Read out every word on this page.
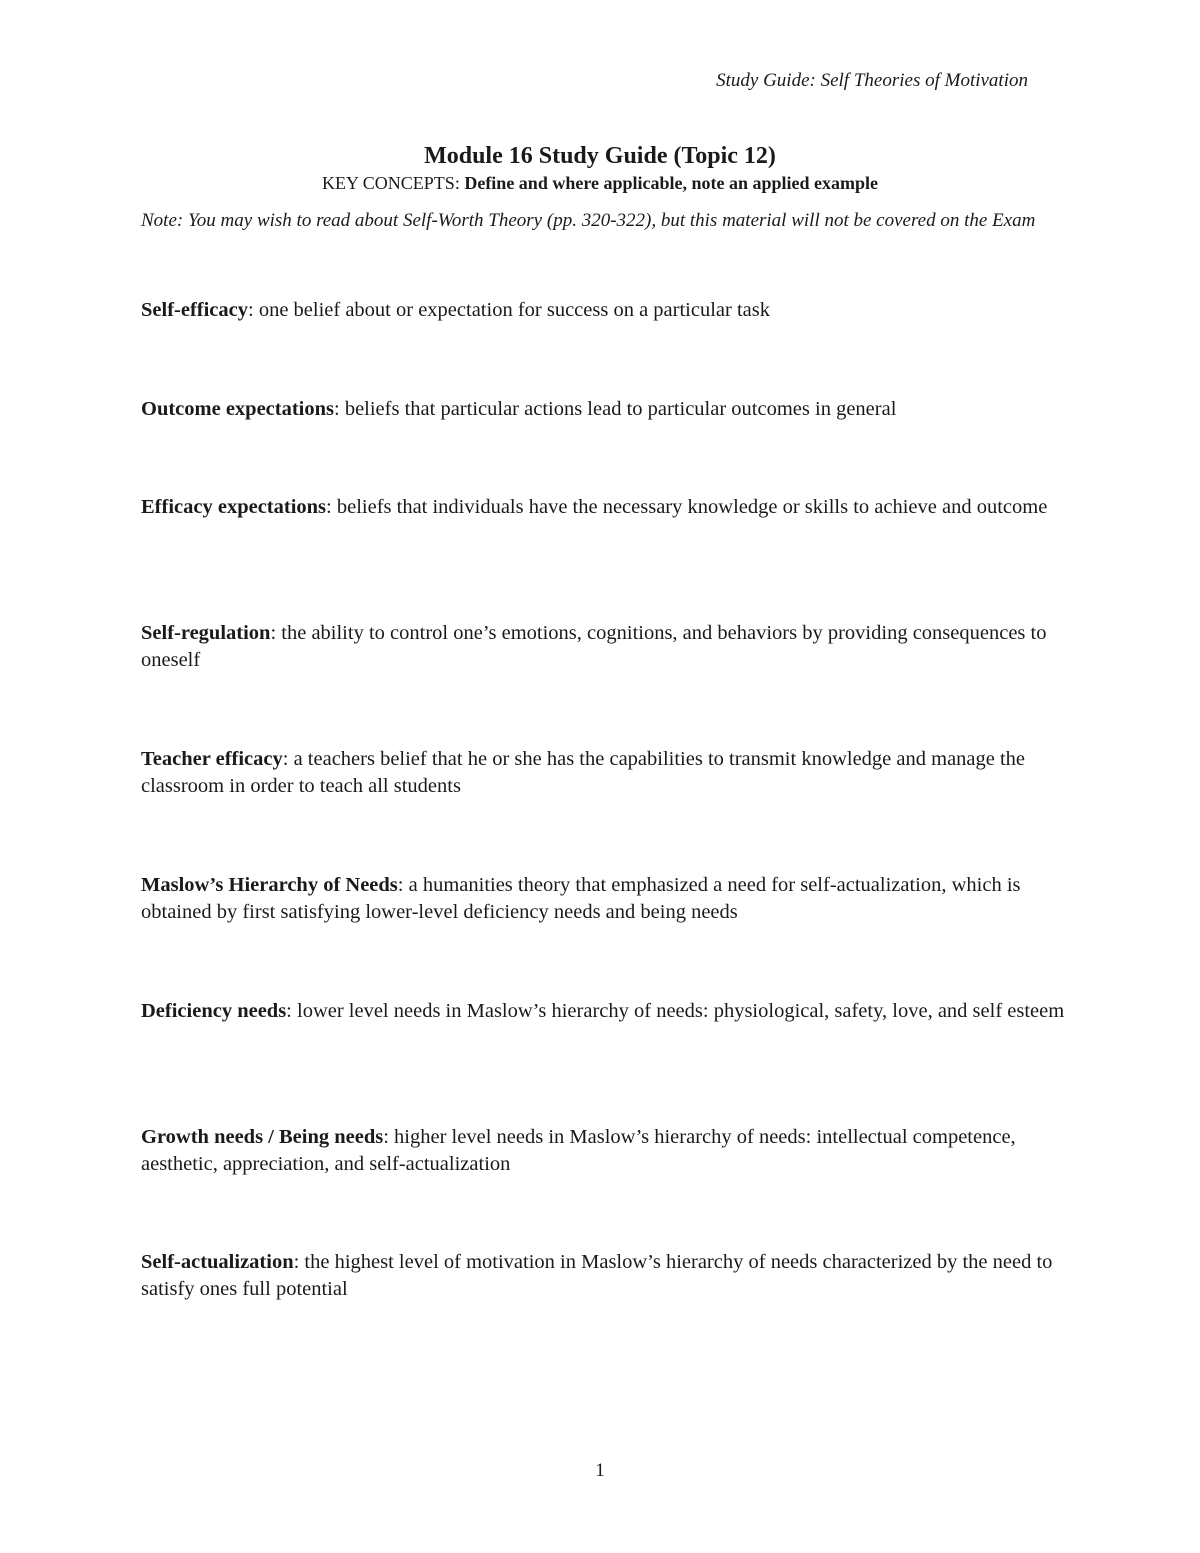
Study Guide: Self Theories of Motivation
Module 16 Study Guide (Topic 12)
KEY CONCEPTS: Define and where applicable, note an applied example
Note: You may wish to read about Self-Worth Theory (pp. 320-322), but this material will not be covered on the Exam
Self-efficacy: one belief about or expectation for success on a particular task
Outcome expectations: beliefs that particular actions lead to particular outcomes in general
Efficacy expectations: beliefs that individuals have the necessary knowledge or skills to achieve and outcome
Self-regulation: the ability to control one’s emotions, cognitions, and behaviors by providing consequences to oneself
Teacher efficacy: a teachers belief that he or she has the capabilities to transmit knowledge and manage the classroom in order to teach all students
Maslow’s Hierarchy of Needs: a humanities theory that emphasized a need for self-actualization, which is obtained by first satisfying lower-level deficiency needs and being needs
Deficiency needs: lower level needs in Maslow’s hierarchy of needs: physiological, safety, love, and self esteem
Growth needs / Being needs: higher level needs in Maslow’s hierarchy of needs: intellectual competence, aesthetic, appreciation, and self-actualization
Self-actualization: the highest level of motivation in Maslow’s hierarchy of needs characterized by the need to satisfy ones full potential
1
